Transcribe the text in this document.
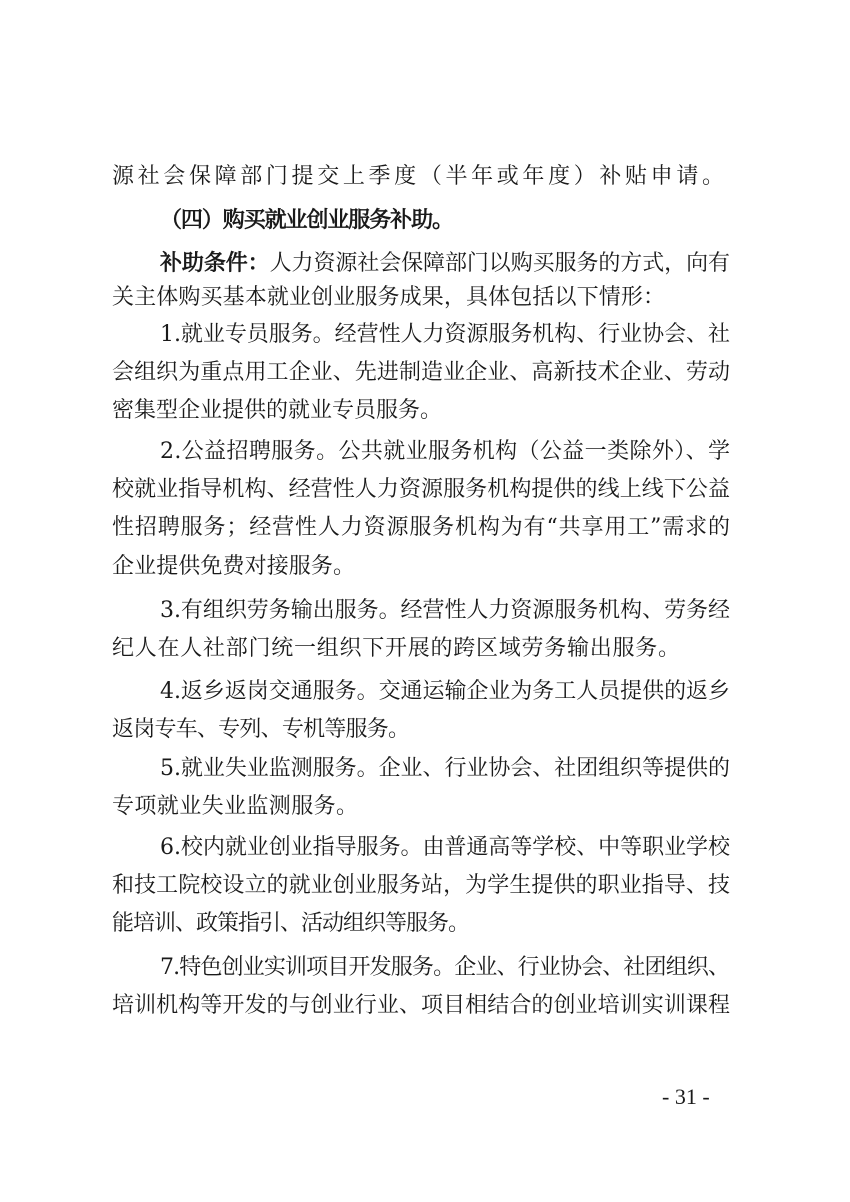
源社会保障部门提交上季度（半年或年度）补贴申请。
（四）购买就业创业服务补助。
补助条件：人力资源社会保障部门以购买服务的方式，向有
关主体购买基本就业创业服务成果，具体包括以下情形：
1.就业专员服务。经营性人力资源服务机构、行业协会、社
会组织为重点用工企业、先进制造业企业、高新技术企业、劳动
密集型企业提供的就业专员服务。
2.公益招聘服务。公共就业服务机构（公益一类除外）、学
校就业指导机构、经营性人力资源服务机构提供的线上线下公益
性招聘服务；经营性人力资源服务机构为有“共享用工”需求的
企业提供免费对接服务。
3.有组织劳务输出服务。经营性人力资源服务机构、劳务经
纪人在人社部门统一组织下开展的跨区域劳务输出服务。
4.返乡返岗交通服务。交通运输企业为务工人员提供的返乡
返岗专车、专列、专机等服务。
5.就业失业监测服务。企业、行业协会、社团组织等提供的
专项就业失业监测服务。
6.校内就业创业指导服务。由普通高等学校、中等职业学校
和技工院校设立的就业创业服务站，为学生提供的职业指导、技
能培训、政策指引、活动组织等服务。
7.特色创业实训项目开发服务。企业、行业协会、社团组织、
培训机构等开发的与创业行业、项目相结合的创业培训实训课程
- 31 -
